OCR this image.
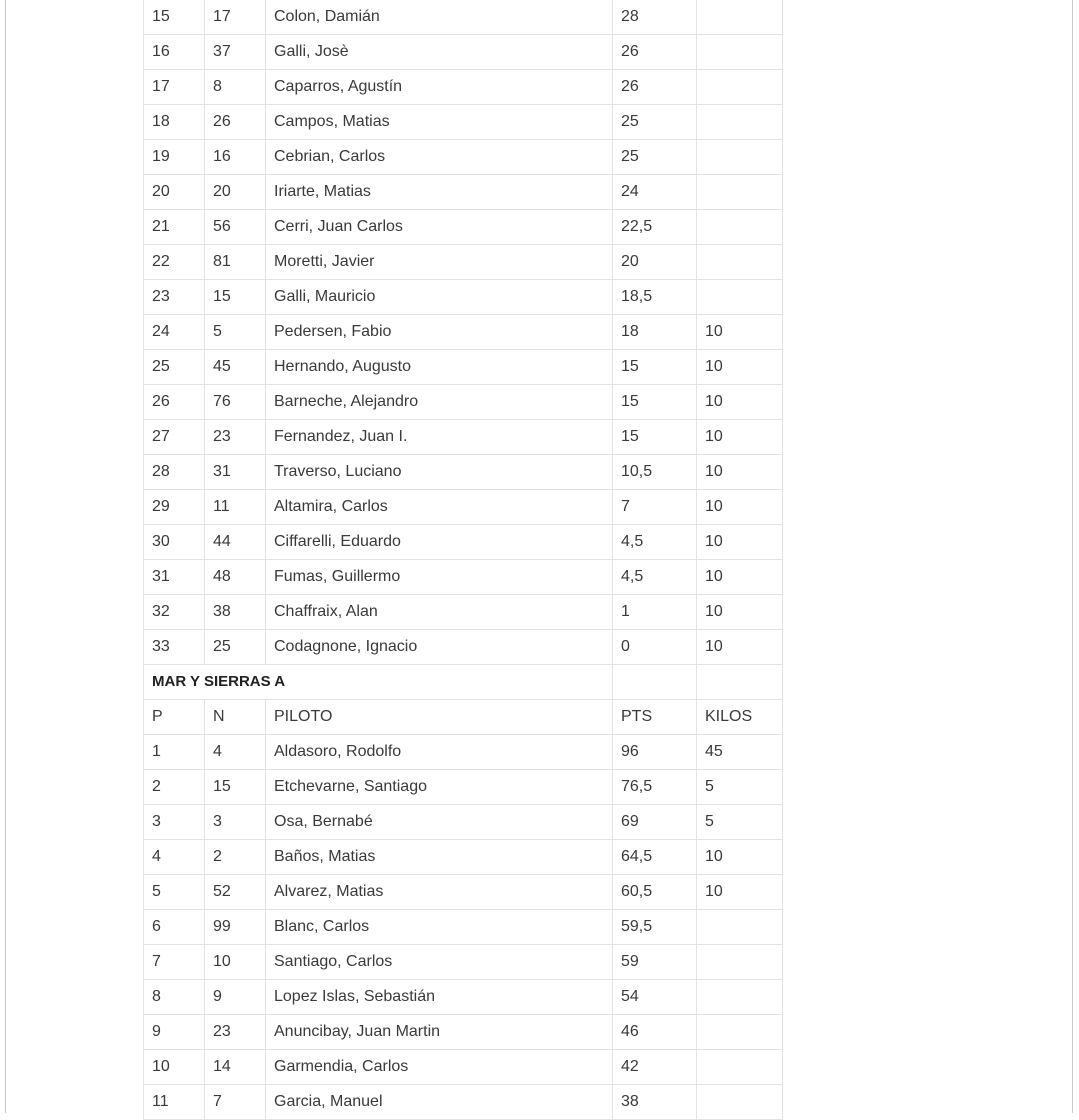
15	17	Colon, Damián	28	
16	37	Galli, Josè	26	
17	8	Caparros, Agustín	26	
18	26	Campos, Matias	25	
19	16	Cebrian, Carlos	25	
20	20	Iriarte, Matias	24	
21	56	Cerri, Juan Carlos	22,5	
22	81	Moretti, Javier	20	
23	15	Galli, Mauricio	18,5	
24	5	Pedersen, Fabio	18	10
25	45	Hernando, Augusto	15	10
26	76	Barneche, Alejandro	15	10
27	23	Fernandez, Juan I.	15	10
28	31	Traverso, Luciano	10,5	10
29	11	Altamira, Carlos	7	10
30	44	Ciffarelli, Eduardo	4,5	10
31	48	Fumas, Guillermo	4,5	10
32	38	Chaffraix, Alan	1	10
33	25	Codagnone, Ignacio	0	10
MAR Y SIERRAS A				
P	N	PILOTO	PTS	KILOS
1	4	Aldasoro, Rodolfo	96	45
2	15	Etchevarne, Santiago	76,5	5
3	3	Osa, Bernabé	69	5
4	2	Baños, Matias	64,5	10
5	52	Alvarez, Matias	60,5	10
6	99	Blanc, Carlos	59,5	
7	10	Santiago, Carlos	59	
8	9	Lopez Islas, Sebastián	54	
9	23	Anuncibay, Juan Martin	46	
10	14	Garmendia, Carlos	42	
11	7	Garcia, Manuel	38	
